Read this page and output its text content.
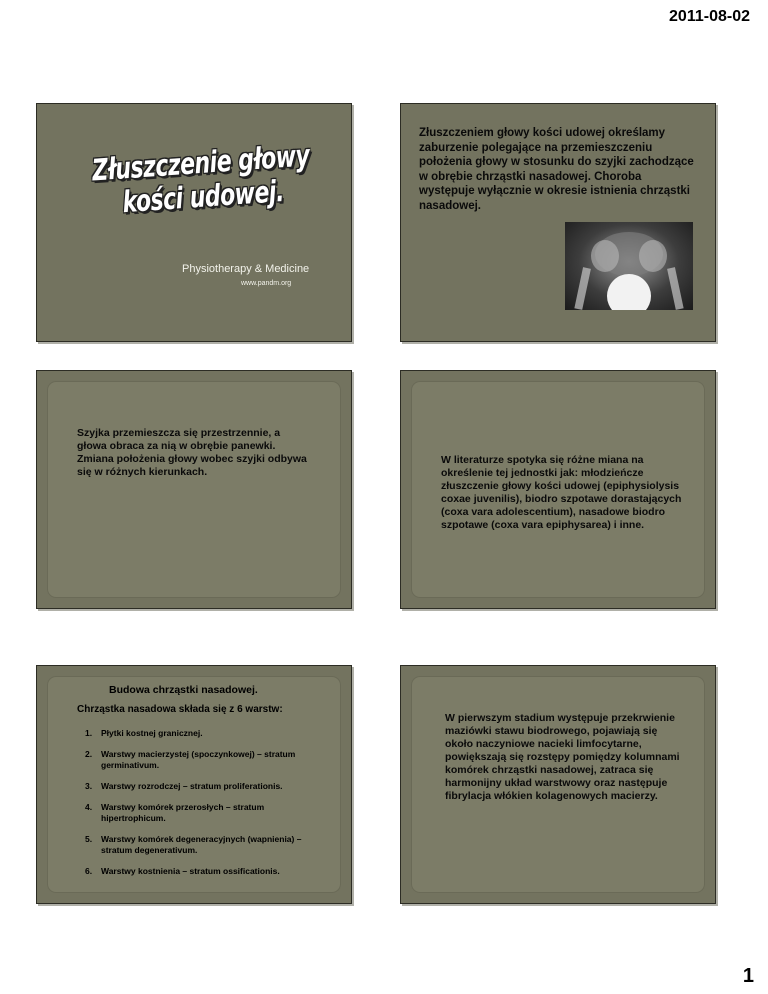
2011-08-02
Złuszczenie głowy kości udowej.
Physiotherapy & Medicine
www.pandm.org
Złuszczeniem głowy kości udowej określamy zaburzenie polegające na przemieszczeniu położenia głowy w stosunku do szyjki zachodzące w obrębie chrząstki nasadowej. Choroba występuje wyłącznie w okresie istnienia chrząstki nasadowej.
Szyjka przemieszcza się przestrzennie, a głowa obraca za nią w obrębie panewki. Zmiana położenia głowy wobec szyjki odbywa się w różnych kierunkach.
W literaturze spotyka się różne miana na określenie tej jednostki jak: młodzieńcze złuszczenie głowy kości udowej (epiphysiolysis coxae juvenilis), biodro szpotawe dorastających (coxa vara adolescentium), nasadowe biodro szpotawe (coxa vara epiphysarea) i inne.
Budowa chrząstki nasadowej.
Chrząstka nasadowa składa się z 6 warstw:
1. Płytki kostnej granicznej.
2. Warstwy macierzystej (spoczynkowej) – stratum germinativum.
3. Warstwy rozrodczej – stratum proliferationis.
4. Warstwy komórek przerosłych – stratum hipertrophicum.
5. Warstwy komórek degeneracyjnych (wapnienia) – stratum degenerativum.
6. Warstwy kostnienia – stratum ossificationis.
W pierwszym stadium występuje przekrwienie maziówki stawu biodrowego, pojawiają się około naczyniowe nacieki limfocytarne, powiększają się rozstępy pomiędzy kolumnami komórek chrząstki nasadowej, zatraca się harmonijny układ warstwowy oraz następuje fibrylacja włókien kolagenowych macierzy.
1
